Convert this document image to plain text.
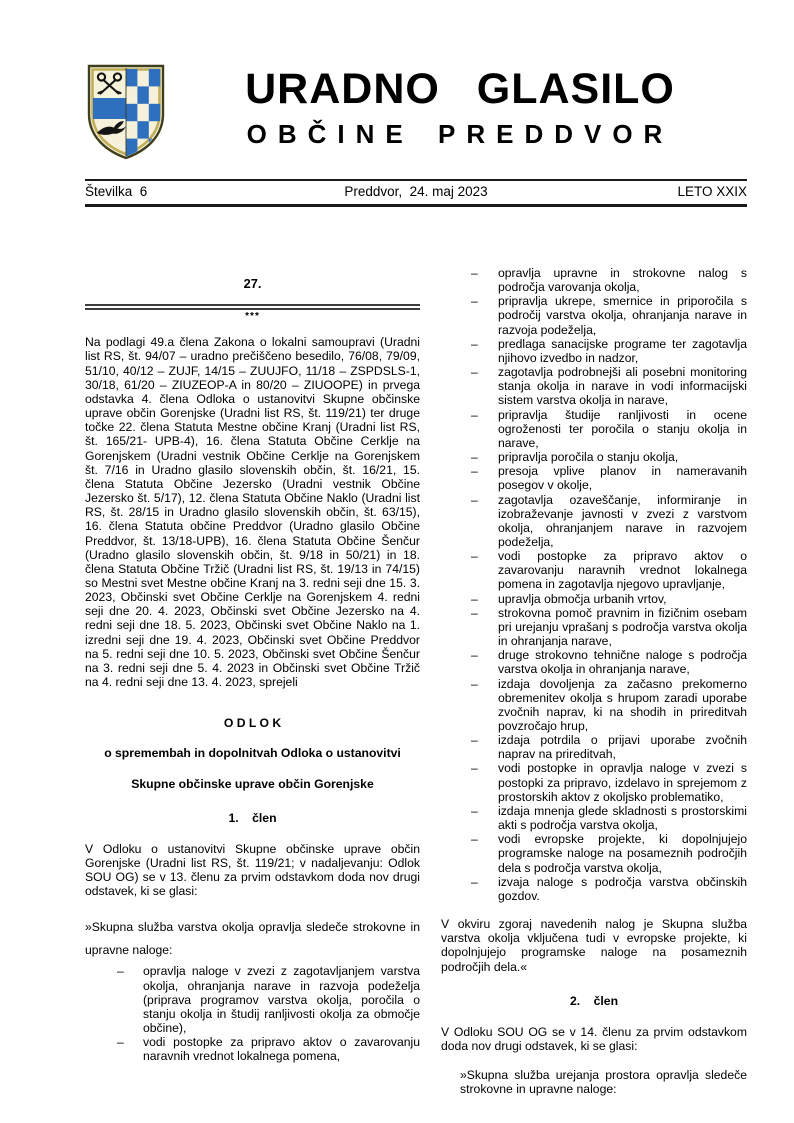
URADNO GLASILO
OBČINE PREDDVOR
Številka  6	Preddvor,  24. maj 2023	LETO XXIX
27.
***

Na podlagi 49.a člena Zakona o lokalni samoupravi (Uradni list RS, št. 94/07 – uradno prečiščeno besedilo, 76/08, 79/09, 51/10, 40/12 – ZUJF, 14/15 – ZUUJFO, 11/18 – ZSPDSLS-1, 30/18, 61/20 – ZIUZEOP-A in 80/20 – ZIUOOPE) in prvega odstavka 4. člena Odloka o ustanovitvi Skupne občinske uprave občin Gorenjske (Uradni list RS, št. 119/21) ter druge točke 22. člena Statuta Mestne občine Kranj (Uradni list RS, št. 165/21- UPB-4), 16. člena Statuta Občine Cerklje na Gorenjskem (Uradni vestnik Občine Cerklje na Gorenjskem št. 7/16 in Uradno glasilo slovenskih občin, št. 16/21, 15. člena Statuta Občine Jezersko (Uradni vestnik Občine Jezersko št. 5/17), 12. člena Statuta Občine Naklo (Uradni list RS, št. 28/15 in Uradno glasilo slovenskih občin, št. 63/15), 16. člena Statuta občine Preddvor (Uradno glasilo Občine Preddvor, št. 13/18-UPB), 16. člena Statuta Občine Šenčur (Uradno glasilo slovenskih občin, št. 9/18 in 50/21) in 18. člena Statuta Občine Tržič (Uradni list RS, št. 19/13 in 74/15) so Mestni svet Mestne občine Kranj na 3. redni seji dne 15. 3. 2023, Občinski svet Občine Cerklje na Gorenjskem 4. redni seji dne 20. 4. 2023, Občinski svet Občine Jezersko na 4. redni seji dne 18. 5. 2023, Občinski svet Občine Naklo na 1. izredni seji dne 19. 4. 2023, Občinski svet Občine Preddvor na 5. redni seji dne 10. 5. 2023, Občinski svet Občine Šenčur na 3. redni seji dne 5. 4. 2023 in Občinski svet Občine Tržič na 4. redni seji dne 13. 4. 2023, sprejeli

O D L O K
o spremembah in dopolnitvah Odloka o ustanovitvi
Skupne občinske uprave občin Gorenjske
1.    člen

V Odloku o ustanovitvi Skupne občinske uprave občin Gorenjske (Uradni list RS, št. 119/21; v nadaljevanju: Odlok SOU OG) se v 13. členu za prvim odstavkom doda nov drugi odstavek, ki se glasi:

»Skupna služba varstva okolja opravlja sledeče strokovne in upravne naloge:

–	opravlja naloge v zvezi z zagotavljanjem varstva okolja, ohranjanja narave in razvoja podeželja (priprava programov varstva okolja, poročila o stanju okolja in študij ranljivosti okolja za območje občine),
–	vodi postopke za pripravo aktov o zavarovanju naravnih vrednot lokalnega pomena,
–	opravlja upravne in strokovne nalog s področja varovanja okolja,
–	pripravlja ukrepe, smernice in priporočila s področij varstva okolja, ohranjanja narave in razvoja podeželja,
–	predlaga sanacijske programe ter zagotavlja njihovo izvedbo in nadzor,
–	zagotavlja podrobnejši ali posebni monitoring stanja okolja in narave in vodi informacijski sistem varstva okolja in narave,
–	pripravlja študije ranljivosti in ocene ogroženosti ter poročila o stanju okolja in narave,
–	pripravlja poročila o stanju okolja,
–	presoja vplive planov in nameravanih posegov v okolje,
–	zagotavlja ozaveščanje, informiranje in izobraževanje javnosti v zvezi z varstvom okolja, ohranjanjem narave in razvojem podeželja,
–	vodi postopke za pripravo aktov o zavarovanju naravnih vrednot lokalnega pomena in zagotavlja njegovo upravljanje,
–	upravlja območja urbanih vrtov,
–	strokovna pomoč pravnim in fizičnim osebam pri urejanju vprašanj s področja varstva okolja in ohranjanja narave,
–	druge strokovno tehnične naloge s področja varstva okolja in ohranjanja narave,
–	izdaja dovoljenja za začasno prekomerno obremenitev okolja s hrupom zaradi uporabe zvočnih naprav, ki na shodih in prireditvah povzročajo hrup,
–	izdaja potrdila o prijavi uporabe zvočnih naprav na prireditvah,
–	vodi postopke in opravlja naloge v zvezi s postopki za pripravo, izdelavo in sprejemom z prostorskih aktov z okoljsko problematiko,
–	izdaja mnenja glede skladnosti s prostorskimi akti s področja varstva okolja,
–	vodi evropske projekte, ki dopolnjujejo programske naloge na posameznih področjih dela s področja varstva okolja,
–	izvaja naloge s področja varstva občinskih gozdov.

V okviru zgoraj navedenih nalog je Skupna služba varstva okolja vključena tudi v evropske projekte, ki dopolnjujejo programske naloge na posameznih področjih dela.«

2.    člen

V Odloku SOU OG se v 14. členu za prvim odstavkom doda nov drugi odstavek, ki se glasi:

»Skupna služba urejanja prostora opravlja sledeče strokovne in upravne naloge:
